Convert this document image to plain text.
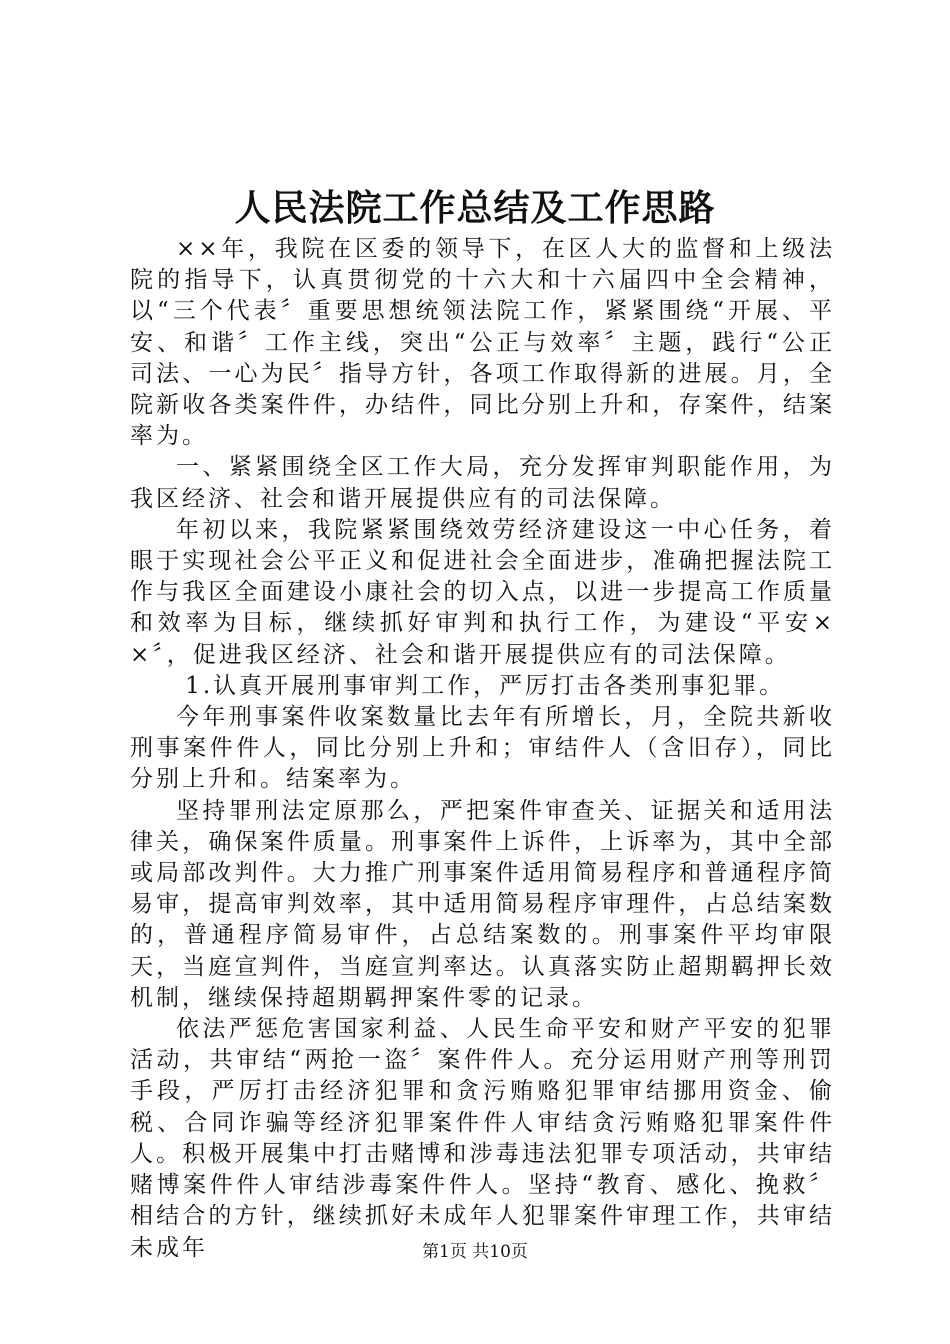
人民法院工作总结及工作思路

××年，我院在区委的领导下，在区人大的监督和上级法院的指导下，认真贯彻党的十六大和十六届四中全会精神，以“三个代表〞重要思想统领法院工作，紧紧围绕“开展、平安、和谐〞工作主线，突出“公正与效率〞主题，践行“公正司法、一心为民〞指导方针，各项工作取得新的进展。月，全院新收各类案件件，办结件，同比分别上升和，存案件，结案率为。

一、紧紧围绕全区工作大局，充分发挥审判职能作用，为我区经济、社会和谐开展提供应有的司法保障。

年初以来，我院紧紧围绕效劳经济建设这一中心任务，着眼于实现社会公平正义和促进社会全面进步，准确把握法院工作与我区全面建设小康社会的切入点，以进一步提高工作质量和效率为目标，继续抓好审判和执行工作，为建设“平安××〞，促进我区经济、社会和谐开展提供应有的司法保障。

1.认真开展刑事审判工作，严厉打击各类刑事犯罪。

今年刑事案件收案数量比去年有所增长，月，全院共新收刑事案件件人，同比分别上升和；审结件人（含旧存），同比分别上升和。结案率为。

坚持罪刑法定原那么，严把案件审查关、证据关和适用法律关，确保案件质量。刑事案件上诉件，上诉率为，其中全部或局部改判件。大力推广刑事案件适用简易程序和普通程序简易审，提高审判效率，其中适用简易程序审理件，占总结案数的，普通程序简易审件，占总结案数的。刑事案件平均审限天，当庭宣判件，当庭宣判率达。认真落实防止超期羁押长效机制，继续保持超期羁押案件零的记录。

依法严惩危害国家利益、人民生命平安和财产平安的犯罪活动，共审结“两抢一盗〞案件件人。充分运用财产刑等刑罚手段，严厉打击经济犯罪和贪污贿赂犯罪审结挪用资金、偷税、合同诈骗等经济犯罪案件件人审结贪污贿赂犯罪案件件人。积极开展集中打击赌博和涉毒违法犯罪专项活动，共审结赌博案件件人审结涉毒案件件人。坚持“教育、感化、挽救〞相结合的方针，继续抓好未成年人犯罪案件审理工作，共审结未成年	第1页 共10页
